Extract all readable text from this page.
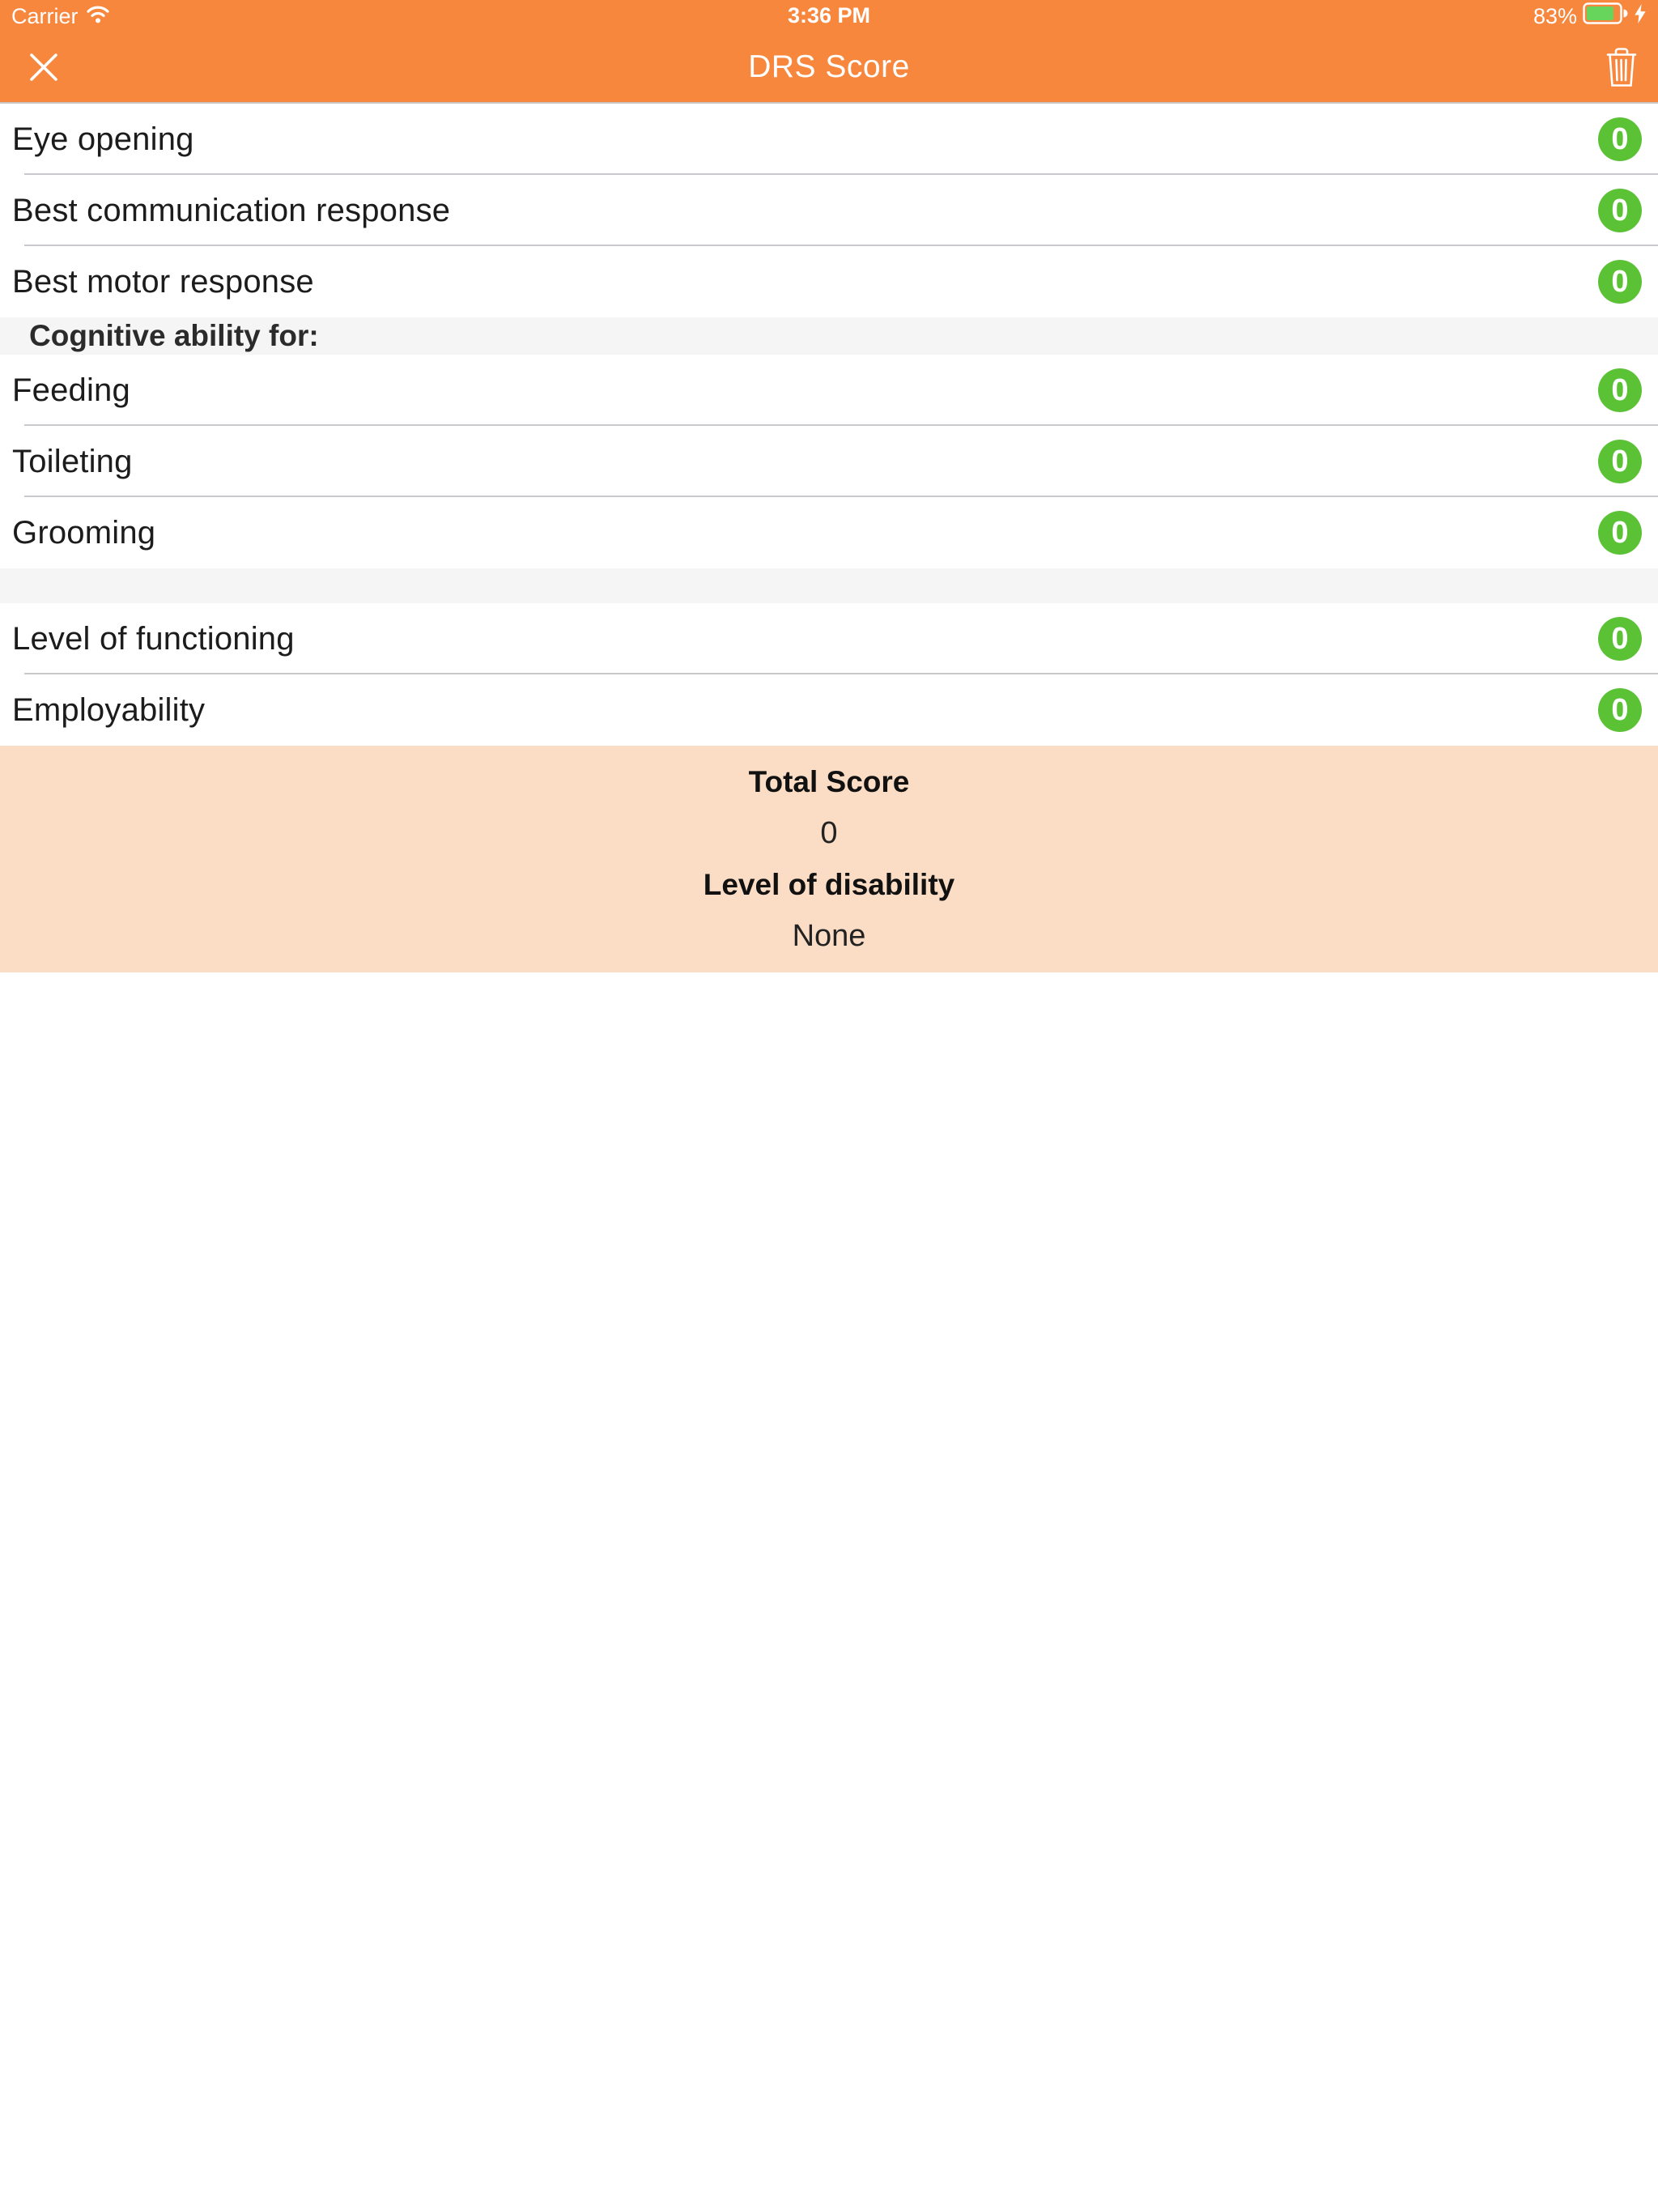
Carrier	3:36 PM	83%
DRS Score
Eye opening	0
Best communication response	0
Best motor response	0
Cognitive ability for:
Feeding	0
Toileting	0
Grooming	0
Level of functioning	0
Employability	0
Total Score
0
Level of disability
None
